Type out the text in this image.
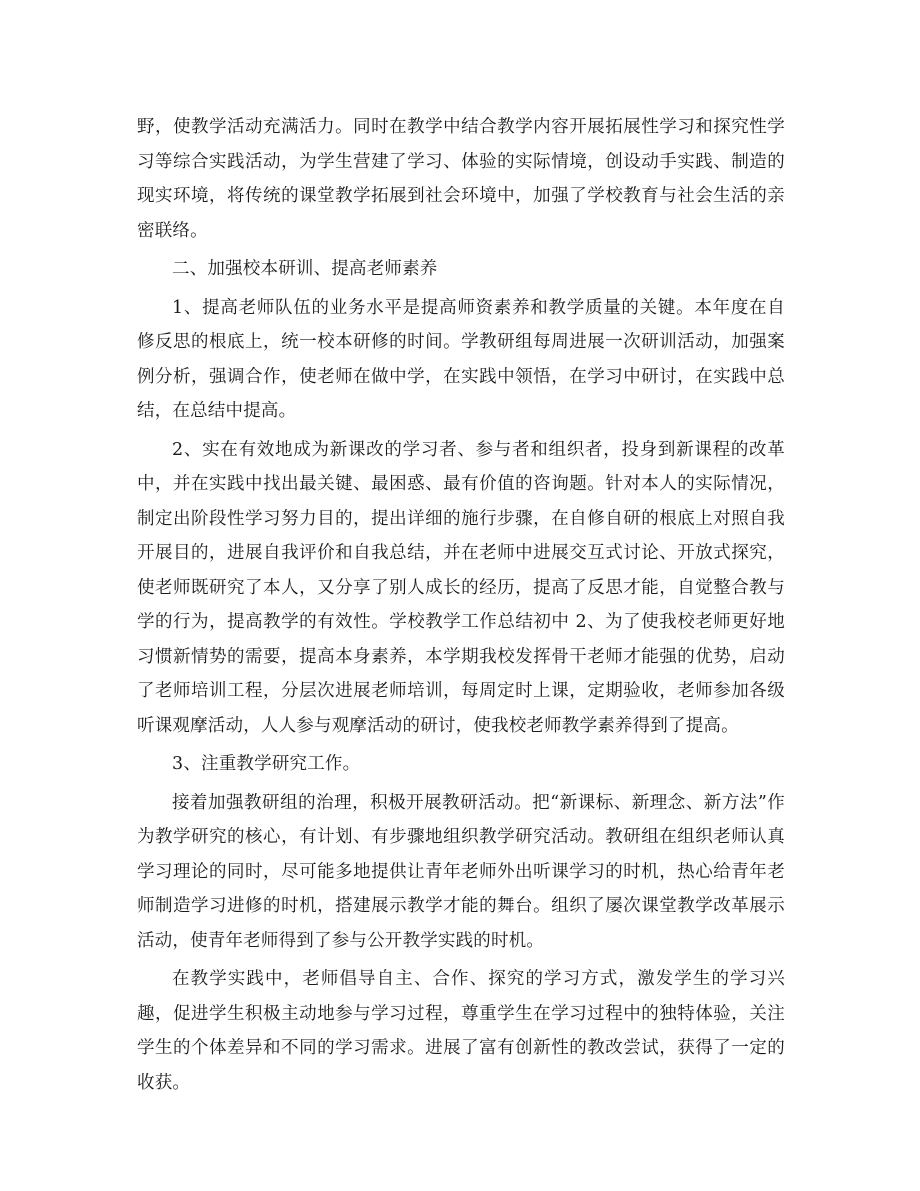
野，使教学活动充满活力。同时在教学中结合教学内容开展拓展性学习和探究性学习等综合实践活动，为学生营建了学习、体验的实际情境，创设动手实践、制造的现实环境，将传统的课堂教学拓展到社会环境中，加强了学校教育与社会生活的亲密联络。

二、加强校本研训、提高老师素养

1、提高老师队伍的业务水平是提高师资素养和教学质量的关键。本年度在自修反思的根底上，统一校本研修的时间。学教研组每周进展一次研训活动，加强案例分析，强调合作，使老师在做中学，在实践中领悟，在学习中研讨，在实践中总结，在总结中提高。

2、实在有效地成为新课改的学习者、参与者和组织者，投身到新课程的改革中，并在实践中找出最关键、最困惑、最有价值的咨询题。针对本人的实际情况，制定出阶段性学习努力目的，提出详细的施行步骤，在自修自研的根底上对照自我开展目的，进展自我评价和自我总结，并在老师中进展交互式讨论、开放式探究，使老师既研究了本人，又分享了别人成长的经历，提高了反思才能，自觉整合教与学的行为，提高教学的有效性。学校教学工作总结初中 2、为了使我校老师更好地习惯新情势的需要，提高本身素养，本学期我校发挥骨干老师才能强的优势，启动了老师培训工程，分层次进展老师培训，每周定时上课，定期验收，老师参加各级听课观摩活动，人人参与观摩活动的研讨，使我校老师教学素养得到了提高。

3、注重教学研究工作。

接着加强教研组的治理，积极开展教研活动。把“新课标、新理念、新方法”作为教学研究的核心，有计划、有步骤地组织教学研究活动。教研组在组织老师认真学习理论的同时，尽可能多地提供让青年老师外出听课学习的时机，热心给青年老师制造学习进修的时机，搭建展示教学才能的舞台。组织了屡次课堂教学改革展示活动，使青年老师得到了参与公开教学实践的时机。

在教学实践中，老师倡导自主、合作、探究的学习方式，激发学生的学习兴趣，促进学生积极主动地参与学习过程，尊重学生在学习过程中的独特体验，关注学生的个体差异和不同的学习需求。进展了富有创新性的教改尝试，获得了一定的收获。
